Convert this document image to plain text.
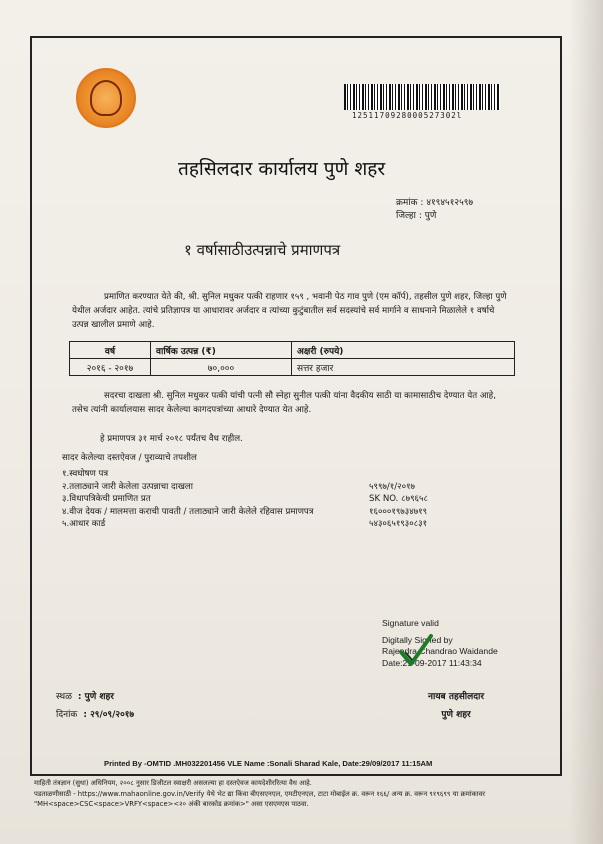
1251170928000527302l
तहसिलदार कार्यालय पुणे शहर
क्रमांक : ४१९४५१२५९७
जिल्हा : पुणे
१ वर्षासाठीउत्पन्नाचे प्रमाणपत्र
प्रमाणित करण्यात येते की, श्री. सुनिल मधुकर पत्की राहणार १५९ , भवानी पेठ गाव पुणे (एम कॉर्प), तहसील पुणे शहर, जिल्हा पुणे येथील अर्जदार आहेत. त्यांचे प्रतिज्ञापत्र या आधारावर अर्जदार व त्यांच्या कुटुंबातील सर्व सदस्यांचे सर्व मार्गाने व साधनाने मिळालेले १ वर्षाचे उत्पन्न खालील प्रमाणे आहे.
वर्ष	वार्षिक उत्पन्न (₹)	अक्षरी (रुपये)
२०१६ - २०१७	७०,०००	सत्तर हजार
सदरचा दाखला श्री. सुनिल मधुकर पत्की यांची पत्नी सौ स्नेहा सुनील पत्की यांना वैदकीय साठी या कामासाठीच देण्यात येत आहे, तसेच त्यांनी कार्यालयास सादर केलेल्या कागदपत्रांच्या आधारे देण्यात येत आहे.
हे प्रमाणपत्र ३१ मार्च २०१८ पर्यंतच वैध राहील.
सादर केलेल्या दस्तऐवज / पुराव्याचे तपशील
१.स्वघोषण पत्र
२.तलाठ्याने जारी केलेला उत्पन्नाचा दाखला	५९९७/१/२०१७
३.विधापत्रिकेची प्रमाणित प्रत	SK NO. ८७९६५८
४.वीज देयक / मालमत्ता कराची पावती / तलाठ्याने जारी केलेले रहिवास प्रमाणपत्र	१६०००१९७३४७१९
५.आधार कार्ड	५४३०६५१९३०८३१
Signature valid
Digitally Signed by
Rajendra Chandrao Waidande
Date:29-09-2017 11:43:34
स्थळ : पुणे शहर
दिनांक : २९/०९/२०१७
नायब तहसीलदार
पुणे शहर
Printed By -OMTID .MH032201456 VLE Name :Sonali Sharad Kale, Date:29/09/2017 11:15AM
माहिती तंत्रज्ञान (सुधा) अधिनियम, २००८ नुसार डिजीटल स्वाक्षरी असलल्या हा दस्तऐवज कायदेशीररित्या वैध आहे.
पडताळणीसाठी - https://www.mahaonline.gov.in/Verify येथे भेट द्या किंवा बीएसएनएल, एमटीएनएल, टाटा मोबाईल क्र. वरून १६६/ अन्य क्र. वरून ९१९६९९ या क्रमांकावर
"MH<space>CSC<space>VRFY<space><२० अंकी बारकोड क्रमांक>" असा एसएमएस पाठवा.
